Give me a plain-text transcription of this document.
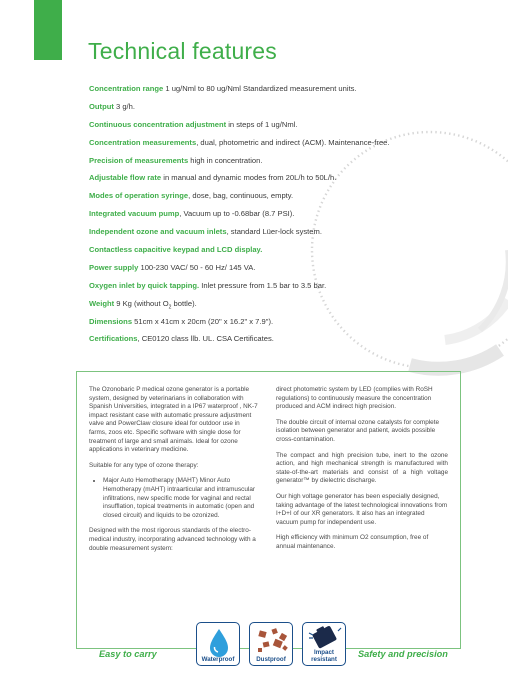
Technical features
Concentration range 1 ug/Nml to 80 ug/Nml Standardized measurement units.
Output 3 g/h.
Continuous concentration adjustment in steps of 1 ug/Nml.
Concentration measurements, dual, photometric and indirect (ACM). Maintenance-free.
Precision of measurements high in concentration.
Adjustable flow rate in manual and dynamic modes from 20L/h to 50L/h.
Modes of operation syringe, dose, bag, continuous, empty.
Integrated vacuum pump, Vacuum up to -0.68bar (8.7 PSI).
Independent ozone and vacuum inlets, standard Lüer-lock system.
Contactless capacitive keypad and LCD display.
Power supply 100-230 VAC/ 50 - 60 Hz/ 145 VA.
Oxygen inlet by quick tapping. Inlet pressure from 1.5 bar to 3.5 bar.
Weight 9 Kg (without $O_2$ bottle).
Dimensions 51cm x 41cm x 20cm (20" x 16.2" x 7.9").
Certifications, CE0120 class llb. UL. CSA Certificates.

The Ozonobaric P medical ozone generator is a portable system, designed by veterinarians in collaboration with Spanish Universities, integrated in a IP67 waterproof , NK-7 impact resistant case with automatic pressure adjustment valve and PowerClaw closure ideal for outdoor use in farms, zoos etc. Specific software with single dose for treatment of large and small animals. Ideal for ozone applications in veterinary medicine.

Suitable for any type of ozone therapy:

• Major Auto Hemotherapy (MAHT) Minor Auto Hemotherapy (mAHT) intraarticular and intramuscular infiltrations, new specific mode for vaginal and rectal insufflation, topical treatments in automatic (open and closed circuit) and liquids to be ozonized.

Designed with the most rigorous standards of the electro-medical industry, incorporating advanced technology with a double measurement system:

direct photometric system by LED (complies with RoSH regulations) to continuously measure the concentration produced and ACM indirect high precision.

The double circuit of internal ozone catalysts for complete isolation between generator and patient, avoids possible cross-contamination.

The compact and high precision tube, inert to the ozone action, and high mechanical strength is manufactured with state-of-the-art materials and consist of a high voltage generator™ by dielectric discharge.

Our high voltage generator has been especially designed, taking advantage of the latest technological innovations from I+D+I of our XR generators. It also has an integrated vacuum pump for independent use.

High efficiency with minimum O2 consumption, free of annual maintenance.

Easy to carry	Safety and precision
Waterproof	Dustproof
Impact
resistant
